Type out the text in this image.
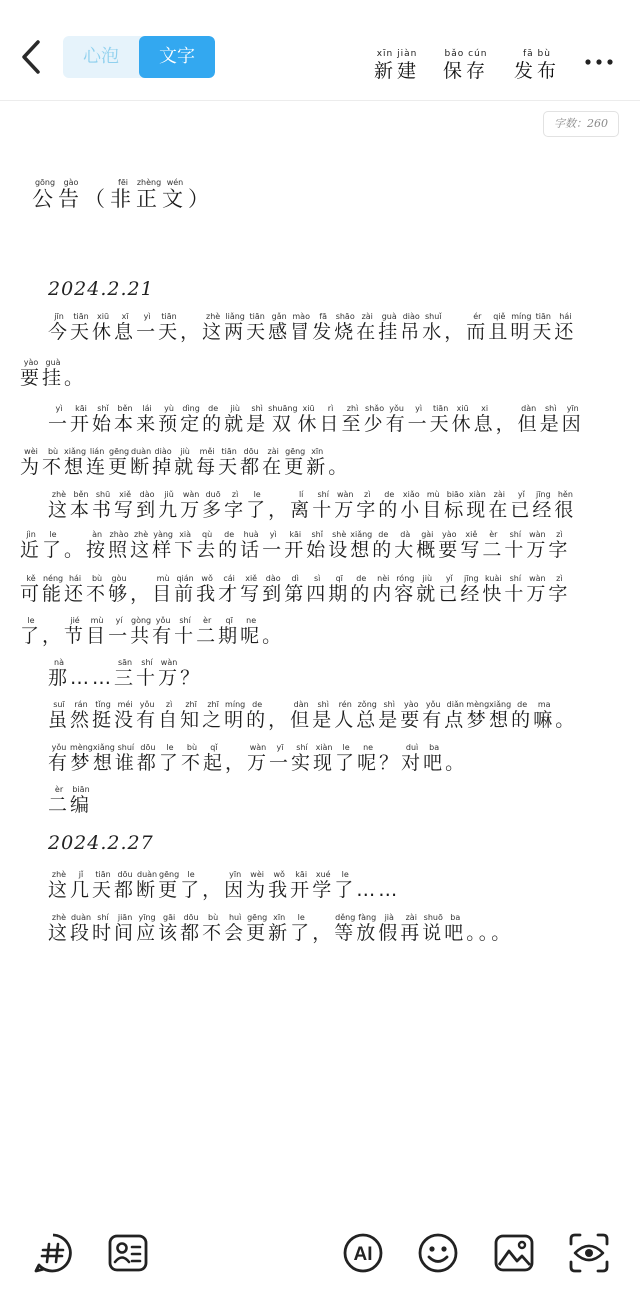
心泡	文字	xīn jiàn
新建
bǎo cún
保存
fā bù
发布
字数：260
公gōng告gào（非fēi正zhèng文wén）
2024.2.21
今jīn天tiān休xiū息xī一yì天tiān，这zhè两liǎng天tiān感gǎn冒mào发fā烧shāo在zài挂guà吊diào水shuǐ，而ér且qiě明míng天tiān还hái
要yào挂guà。
一yì开kāi始shǐ本běn来lái预yù定dìng的de就jiù是shì双shuāng休xiū日rì至zhì少shǎo有yǒu一yì天tiān休xiū息xi，但dàn是shì因yīn
为wèi不bù想xiǎng连lián更gēng断duàn掉diào就jiù每měi天tiān都dōu在zài更gēng新xīn。
这zhè本běn书shū写xiě到dào九jiǔ万wàn多duō字zì了le，离lí十shí万wàn字zì的de小xiǎo目mù标biāo现xiàn在zài已yǐ经jīng很hěn
近jìn了le。按àn照zhào这zhè样yàng下xià去qù的de话huà一yì开kāi始shǐ设shè想xiǎng的de大dà概gài要yào写xiě二èr十shí万wàn字zì
可kě能néng还hái不bù够gòu，目mù前qián我wǒ才cái写xiě到dào第dì四sì期qī的de内nèi容róng就jiù已yǐ经jīng快kuài十shí万wàn字zì
了le，节jié目mù一yí共gòng有yǒu十shí二èr期qī呢ne。
那nà……三sān十shí万wàn？
虽suī然rán挺tǐng没méi有yǒu自zì知zhī之zhī明míng的de，但dàn是shì人rén总zǒng是shì要yào有yǒu点diǎn梦mèng想xiǎng的de嘛ma。
有yǒu梦mèng想xiǎng谁shuí都dōu了le不bù起qǐ，万wàn一yī实shí现xiàn了le呢ne？对duì吧ba。
二èr编biān
2024.2.27
这zhè几jǐ天tiān都dōu断duàn更gēng了le，因yīn为wèi我wǒ开kāi学xué了le……
这zhè段duàn时shí间jiān应yīng该gāi都dōu不bù会huì更gēng新xīn了le，等děng放fàng假jià再zài说shuō吧ba。。。
AI
